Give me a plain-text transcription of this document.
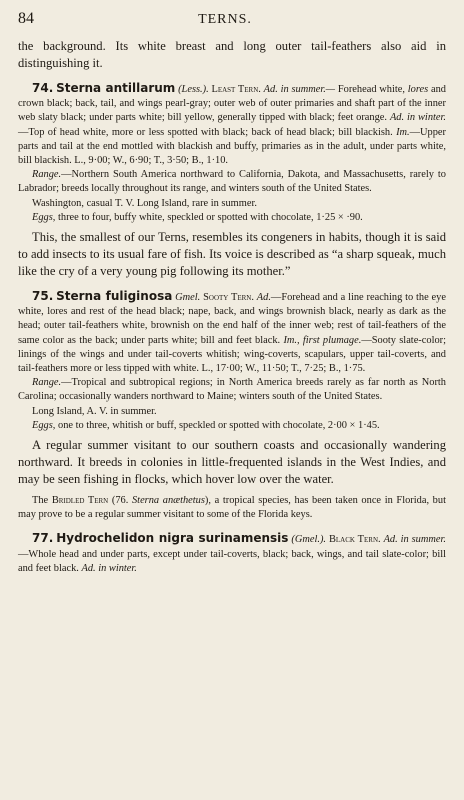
84	TERNS.

the background. Its white breast and long outer tail-feathers also aid in distinguishing it.

74. Sterna antillarum (Less.). Least Tern. Ad. in summer.— Forehead white, lores and crown black; back, tail, and wings pearl-gray; outer web of outer primaries and shaft part of the inner web slaty black; under parts white; bill yellow, generally tipped with black; feet orange. Ad. in winter.—Top of head white, more or less spotted with black; back of head black; bill blackish. Im.—Upper parts and tail at the end mottled with blackish and buffy, primaries as in the adult, under parts white, bill blackish. L., 9·00; W., 6·90; T., 3·50; B., 1·10.

Range.—Northern South America northward to California, Dakota, and Massachusetts, rarely to Labrador; breeds locally throughout its range, and winters south of the United States.

Washington, casual T. V. Long Island, rare in summer.

Eggs, three to four, buffy white, speckled or spotted with chocolate, 1·25 × ·90.

This, the smallest of our Terns, resembles its congeners in habits, though it is said to add insects to its usual fare of fish. Its voice is described as “a sharp squeak, much like the cry of a very young pig following its mother.”

75. Sterna fuliginosa Gmel. Sooty Tern. Ad.—Forehead and a line reaching to the eye white, lores and rest of the head black; nape, back, and wings brownish black, nearly as dark as the head; outer tail-feathers white, brownish on the end half of the inner web; rest of tail-feathers of the same color as the back; under parts white; bill and feet black. Im., first plumage.—Sooty slate-color; linings of the wings and under tail-coverts whitish; wing-coverts, scapulars, upper tail-coverts, and tail-feathers more or less tipped with white. L., 17·00; W., 11·50; T., 7·25; B., 1·75.

Range.—Tropical and subtropical regions; in North America breeds rarely as far north as North Carolina; occasionally wanders northward to Maine; winters south of the United States.

Long Island, A. V. in summer.

Eggs, one to three, whitish or buff, speckled or spotted with chocolate, 2·00 × 1·45.

A regular summer visitant to our southern coasts and occasionally wandering northward. It breeds in colonies in little-frequented islands in the West Indies, and may be seen fishing in flocks, which hover low over the water.

The Bridled Tern (76. Sterna anæthetus), a tropical species, has been taken once in Florida, but may prove to be a regular summer visitant to some of the Florida keys.

77. Hydrochelidon nigra surinamensis (Gmel.). Black Tern. Ad. in summer.—Whole head and under parts, except under tail-coverts, black; back, wings, and tail slate-color; bill and feet black. Ad. in winter.
